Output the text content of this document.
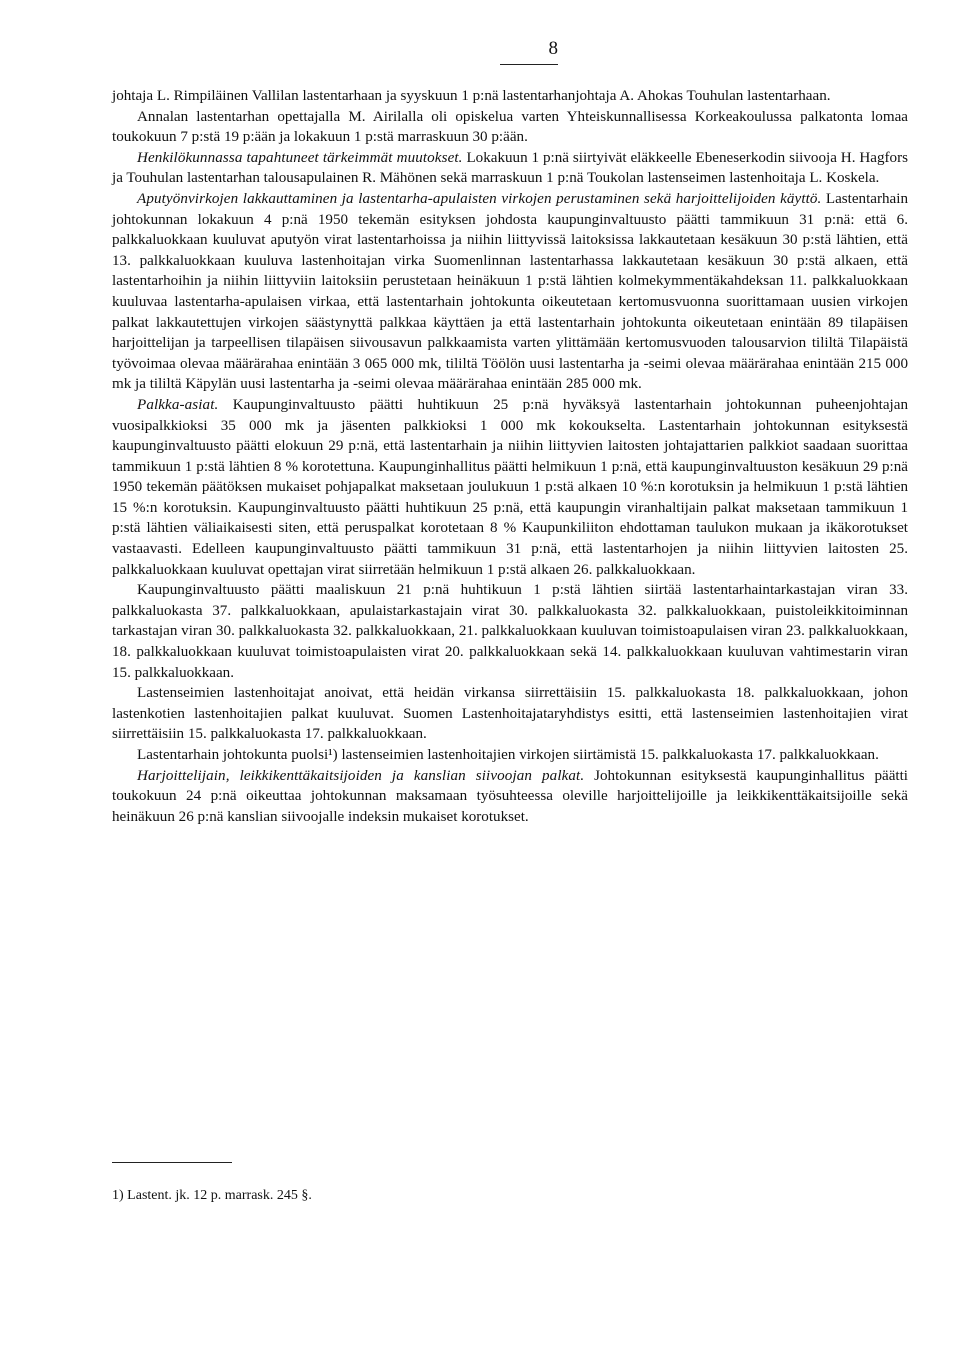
8

johtaja L. Rimpiläinen Vallilan lastentarhaan ja syyskuun 1 p:nä lastentarhanjohtaja A. Ahokas Touhulan lastentarhaan.

Annalan lastentarhan opettajalla M. Airilalla oli opiskelua varten Yhteiskunnallisessa Korkeakoulussa palkatonta lomaa toukokuun 7 p:stä 19 p:ään ja lokakuun 1 p:stä marraskuun 30 p:ään.

Henkilökunnassa tapahtuneet tärkeimmät muutokset. Lokakuun 1 p:nä siirtyivät eläkkeelle Ebeneserkodin siivooja H. Hagfors ja Touhulan lastentarhan talousapulainen R. Mähönen sekä marraskuun 1 p:nä Toukolan lastenseimen lastenhoitaja L. Koskela.

Aputyönvirkojen lakkauttaminen ja lastentarha-apulaisten virkojen perustaminen sekä harjoittelijoiden käyttö. Lastentarhain johtokunnan lokakuun 4 p:nä 1950 tekemän esityksen johdosta kaupunginvaltuusto päätti tammikuun 31 p:nä: että 6. palkkaluokkaan kuuluvat aputyön virat lastentarhoissa ja niihin liittyvissä laitoksissa lakkautetaan kesäkuun 30 p:stä lähtien, että 13. palkkaluokkaan kuuluva lastenhoitajan virka Suomenlinnan lastentarhassa lakkautetaan kesäkuun 30 p:stä alkaen, että lastentarhoihin ja niihin liittyviin laitoksiin perustetaan heinäkuun 1 p:stä lähtien kolmekymmentäkahdeksan 11. palkkaluokkaan kuuluvaa lastentarha-apulaisen virkaa, että lastentarhain johtokunta oikeutetaan kertomusvuonna suorittamaan uusien virkojen palkat lakkautettujen virkojen säästynyttä palkkaa käyttäen ja että lastentarhain johtokunta oikeutetaan enintään 89 tilapäisen harjoittelijan ja tarpeellisen tilapäisen siivousavun palkkaamista varten ylittämään kertomusvuoden talousarvion tililtä Tilapäistä työvoimaa olevaa määrärahaa enintään 3 065 000 mk, tililtä Töölön uusi lastentarha ja -seimi olevaa määrärahaa enintään 215 000 mk ja tililtä Käpylän uusi lastentarha ja -seimi olevaa määrärahaa enintään 285 000 mk.

Palkka-asiat. Kaupunginvaltuusto päätti huhtikuun 25 p:nä hyväksyä lastentarhain johtokunnan puheenjohtajan vuosipalkkioksi 35 000 mk ja jäsenten palkkioksi 1 000 mk kokoukselta. Lastentarhain johtokunnan esityksestä kaupunginvaltuusto päätti elokuun 29 p:nä, että lastentarhain ja niihin liittyvien laitosten johtajattarien palkkiot saadaan suorittaa tammikuun 1 p:stä lähtien 8 % korotettuna. Kaupunginhallitus päätti helmikuun 1 p:nä, että kaupunginvaltuuston kesäkuun 29 p:nä 1950 tekemän päätöksen mukaiset pohjapalkat maksetaan joulukuun 1 p:stä alkaen 10 %:n korotuksin ja helmikuun 1 p:stä lähtien 15 %:n korotuksin. Kaupunginvaltuusto päätti huhtikuun 25 p:nä, että kaupungin viranhaltijain palkat maksetaan tammikuun 1 p:stä lähtien väliaikaisesti siten, että peruspalkat korotetaan 8 % Kaupunkiliiton ehdottaman taulukon mukaan ja ikäkorotukset vastaavasti. Edelleen kaupunginvaltuusto päätti tammikuun 31 p:nä, että lastentarhojen ja niihin liittyvien laitosten 25. palkkaluokkaan kuuluvat opettajan virat siirretään helmikuun 1 p:stä alkaen 26. palkkaluokkaan.

Kaupunginvaltuusto päätti maaliskuun 21 p:nä huhtikuun 1 p:stä lähtien siirtää lastentarhaintarkastajan viran 33. palkkaluokasta 37. palkkaluokkaan, apulaistarkastajain virat 30. palkkaluokasta 32. palkkaluokkaan, puistoleikkitoiminnan tarkastajan viran 30. palkkaluokasta 32. palkkaluokkaan, 21. palkkaluokkaan kuuluvan toimistoapulaisen viran 23. palkkaluokkaan, 18. palkkaluokkaan kuuluvat toimistoapulaisten virat 20. palkkaluokkaan sekä 14. palkkaluokkaan kuuluvan vahtimestarin viran 15. palkkaluokkaan.

Lastenseimien lastenhoitajat anoivat, että heidän virkansa siirrettäisiin 15. palkkaluokasta 18. palkkaluokkaan, johon lastenkotien lastenhoitajien palkat kuuluvat. Suomen Lastenhoitajataryhdistys esitti, että lastenseimien lastenhoitajien virat siirrettäisiin 15. palkkaluokasta 17. palkkaluokkaan.

Lastentarhain johtokunta puolsi¹) lastenseimien lastenhoitajien virkojen siirtämistä 15. palkkaluokasta 17. palkkaluokkaan.

Harjoittelijain, leikkikenttäkaitsijoiden ja kanslian siivoojan palkat. Johtokunnan esityksestä kaupunginhallitus päätti toukokuun 24 p:nä oikeuttaa johtokunnan maksamaan työsuhteessa oleville harjoittelijoille ja leikkikenttäkaitsijoille sekä heinäkuun 26 p:nä kanslian siivoojalle indeksin mukaiset korotukset.

1) Lastent. jk. 12 p. marrask. 245 §.
